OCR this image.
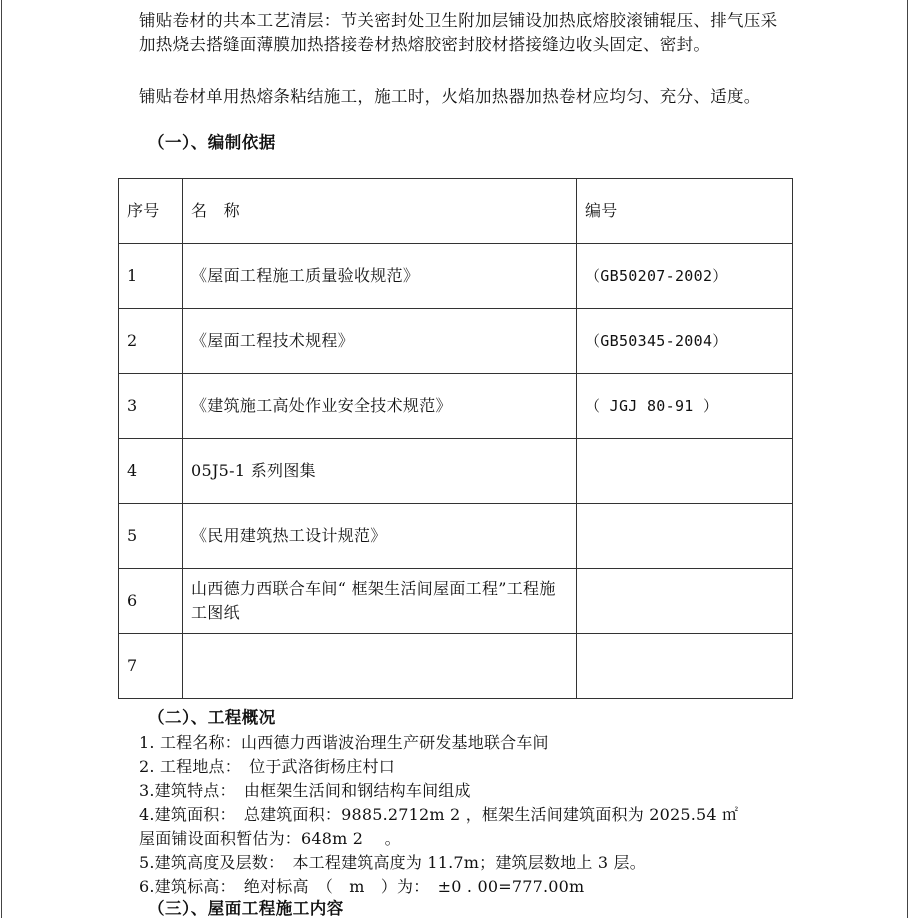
铺贴卷材的共本工艺清层：节关密封处卫生附加层铺设加热底熔胶滚铺辊压、排气压采加热烧去搭缝面薄膜加热搭接卷材热熔胶密封胶材搭接缝边收头固定、密封。

铺贴卷材单用热熔条粘结施工，施工时，火焰加热器加热卷材应均匀、充分、适度。

（一）、编制依据

序号	名　称	编号
1	《屋面工程施工质量验收规范》	（GB50207-2002）
2	《屋面工程技术规程》	（GB50345-2004）
3	《建筑施工高处作业安全技术规范》	（ JGJ 80-91 ）
4	05J5-1 系列图集	
5	《民用建筑热工设计规范》	
6	山西德力西联合车间“ 框架生活间屋面工程”工程施工图纸	
7		

（二）、工程概况

1. 工程名称：山西德力西谐波治理生产研发基地联合车间

2. 工程地点：　位于武洛街杨庄村口

3.建筑特点：　由框架生活间和钢结构车间组成

4.建筑面积：　总建筑面积：9885.2712m 2 ，框架生活间建筑面积为 2025.54 ㎡

屋面铺设面积暂估为：648m 2 　。

5.建筑高度及层数：　本工程建筑高度为 11.7m；建筑层数地上 3 层。

6.建筑标高：　绝对标高　（　m　）为：　±0 . 00=777.00m

（三）、屋面工程施工内容
